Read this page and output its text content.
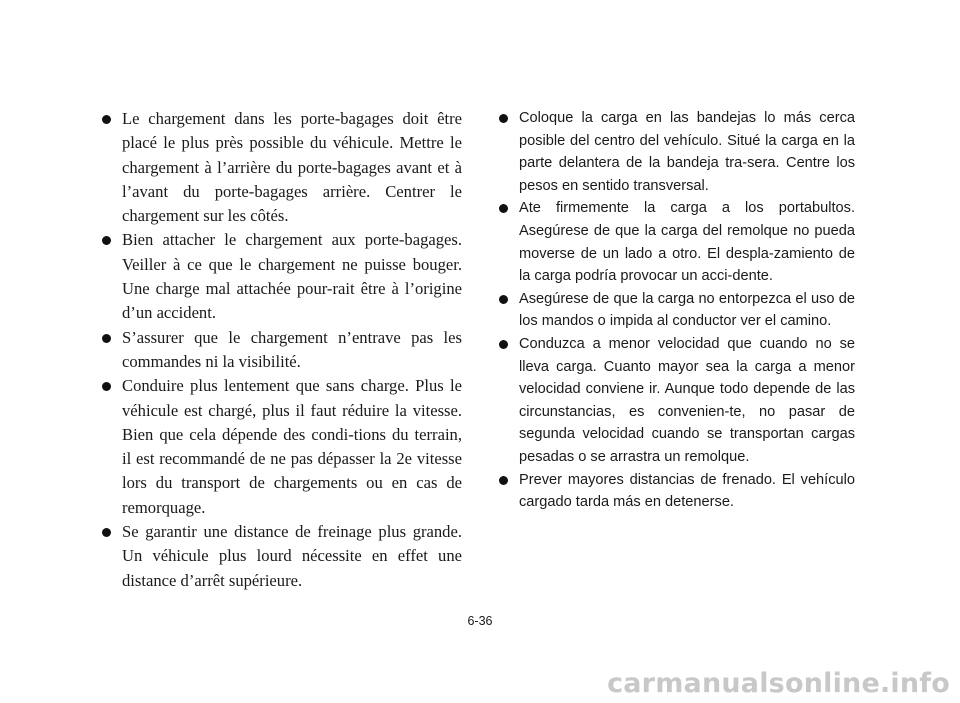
Le chargement dans les porte-bagages doit être placé le plus près possible du véhicule. Mettre le chargement à l’arrière du porte-bagages avant et à l’avant du porte-bagages arrière. Centrer le chargement sur les côtés.
Bien attacher le chargement aux porte-bagages. Veiller à ce que le chargement ne puisse bouger. Une charge mal attachée pour-rait être à l’origine d’un accident.
S’assurer que le chargement n’entrave pas les commandes ni la visibilité.
Conduire plus lentement que sans charge. Plus le véhicule est chargé, plus il faut réduire la vitesse. Bien que cela dépende des condi-tions du terrain, il est recommandé de ne pas dépasser la 2e vitesse lors du transport de chargements ou en cas de remorquage.
Se garantir une distance de freinage plus grande. Un véhicule plus lourd nécessite en effet une distance d’arrêt supérieure.
Coloque la carga en las bandejas lo más cerca posible del centro del vehículo. Situé la carga en la parte delantera de la bandeja tra-sera. Centre los pesos en sentido transversal.
Ate firmemente la carga a los portabultos. Asegúrese de que la carga del remolque no pueda moverse de un lado a otro. El despla-zamiento de la carga podría provocar un acci-dente.
Asegúrese de que la carga no entorpezca el uso de los mandos o impida al conductor ver el camino.
Conduzca a menor velocidad que cuando no se lleva carga. Cuanto mayor sea la carga a menor velocidad conviene ir. Aunque todo depende de las circunstancias, es convenien-te, no pasar de segunda velocidad cuando se transportan cargas pesadas o se arrastra un remolque.
Prever mayores distancias de frenado. El vehículo cargado tarda más en detenerse.
6-36
carmanualsonline.info
